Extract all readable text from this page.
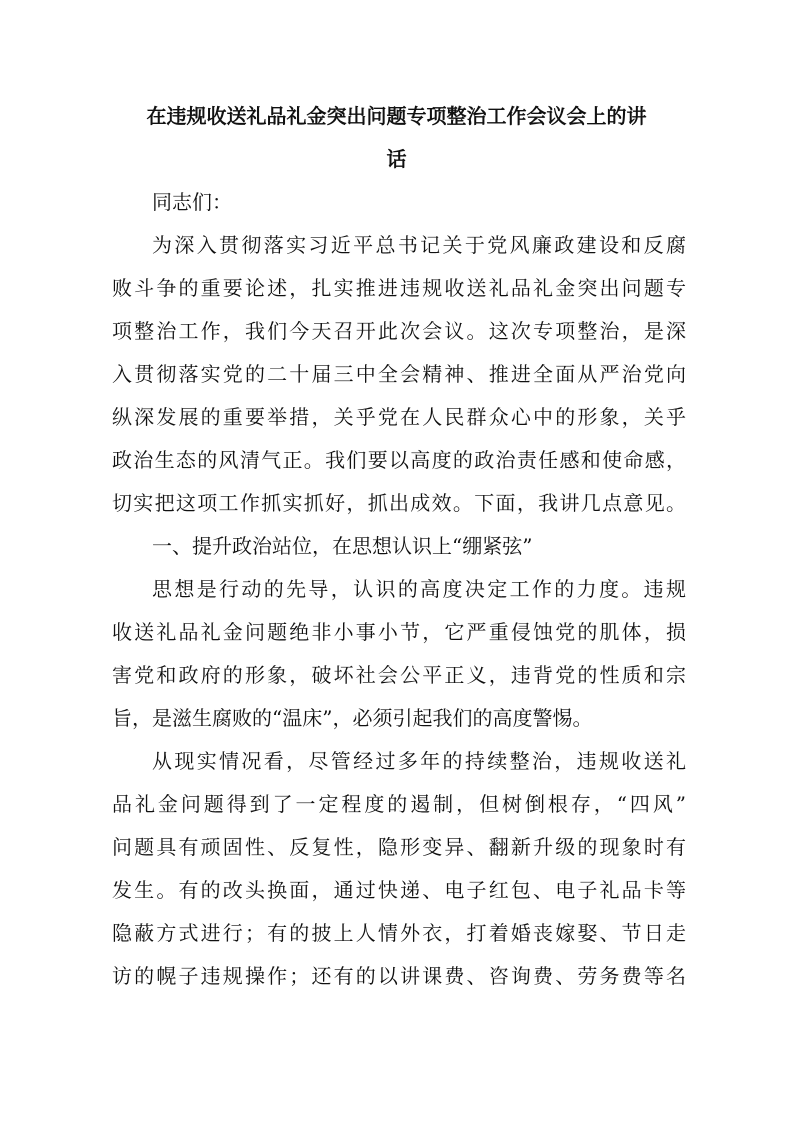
在违规收送礼品礼金突出问题专项整治工作会议会上的讲
话
同志们：
为深入贯彻落实习近平总书记关于党风廉政建设和反腐
败斗争的重要论述，扎实推进违规收送礼品礼金突出问题专
项整治工作，我们今天召开此次会议。这次专项整治，是深
入贯彻落实党的二十届三中全会精神、推进全面从严治党向
纵深发展的重要举措，关乎党在人民群众心中的形象，关乎
政治生态的风清气正。我们要以高度的政治责任感和使命感，
切实把这项工作抓实抓好，抓出成效。下面，我讲几点意见。
一、提升政治站位，在思想认识上“绷紧弦”
思想是行动的先导，认识的高度决定工作的力度。违规
收送礼品礼金问题绝非小事小节，它严重侵蚀党的肌体，损
害党和政府的形象，破坏社会公平正义，违背党的性质和宗
旨，是滋生腐败的“温床”，必须引起我们的高度警惕。
从现实情况看，尽管经过多年的持续整治，违规收送礼
品礼金问题得到了一定程度的遏制，但树倒根存，“四风”
问题具有顽固性、反复性，隐形变异、翻新升级的现象时有
发生。有的改头换面，通过快递、电子红包、电子礼品卡等
隐蔽方式进行；有的披上人情外衣，打着婚丧嫁娶、节日走
访的幌子违规操作；还有的以讲课费、咨询费、劳务费等名
